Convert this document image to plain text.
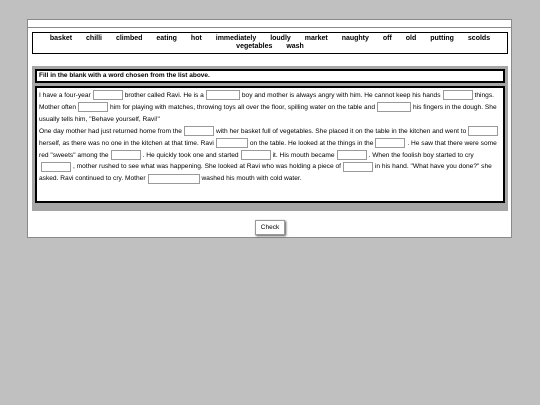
basket chilli climbed eating hot immediately loudly market naughty off old putting scolds vegetables wash
Fill in the blank with a word chosen from the list above.
I have a four-year	brother called Ravi. He is a	boy and mother is always angry with him. He cannot keep his hands	things. Mother often	him for playing with matches, throwing toys all over the floor, spilling water on the table and	his fingers in the dough. She usually tells him, "Behave yourself, Ravi!"
One day mother had just returned home from the	with her basket full of vegetables. She placed it on the table in the kitchen and went toherself, as there was no one in the kitchen at that time. Ravi	on the table. He looked at the things in the	. He saw that there were some red "sweets" among the	. He quickly took one and started	it. His mouth became	. When the foolish boy started to cry, mother rushed to see what was happening. She looked at Ravi who was holding a piece of	in his hand. "What have you done?" she asked. Ravi continued to cry. Mother	washed his mouth with cold water.
Check
